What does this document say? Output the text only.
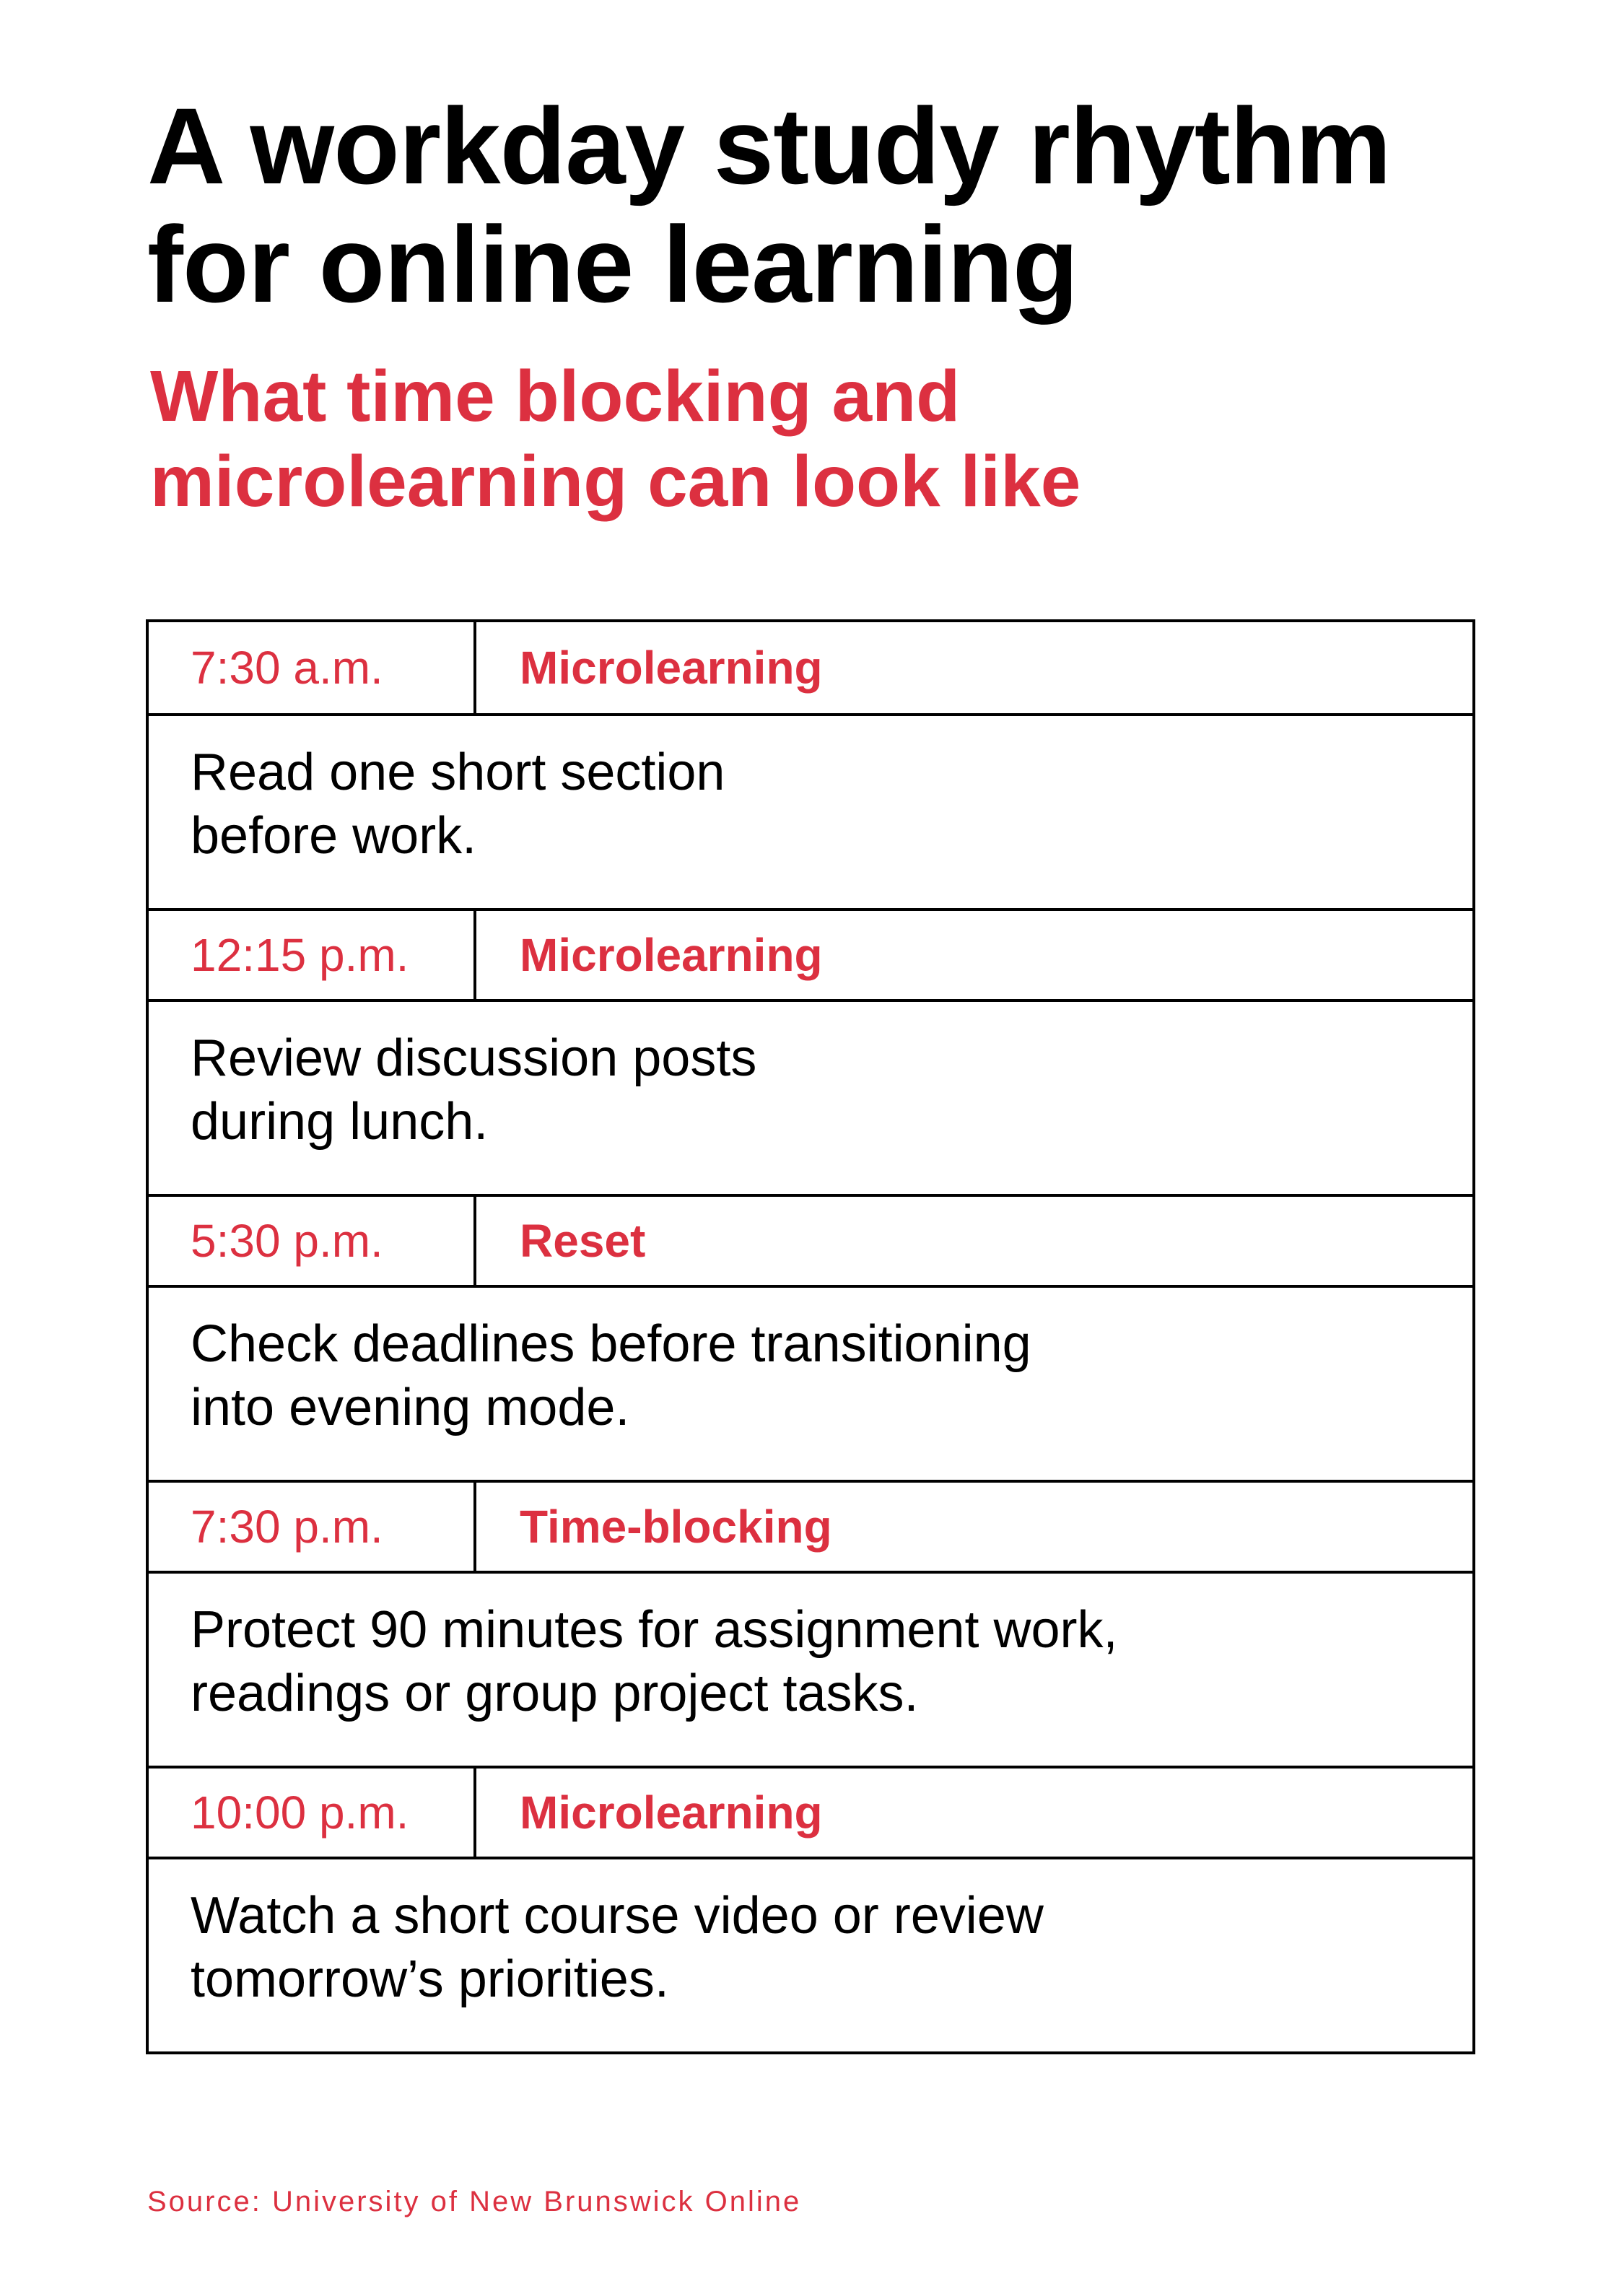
A workday study rhythm
for online learning
What time blocking and
microlearning can look like
7:30 a.m.	Microlearning
Read one short section
before work.
12:15 p.m.	Microlearning
Review discussion posts
during lunch.
5:30 p.m.	Reset
Check deadlines before transitioning
into evening mode.
7:30 p.m.	Time-blocking
Protect 90 minutes for assignment work,
readings or group project tasks.
10:00 p.m.	Microlearning
Watch a short course video or review
tomorrow’s priorities.

Source: University of New Brunswick Online
